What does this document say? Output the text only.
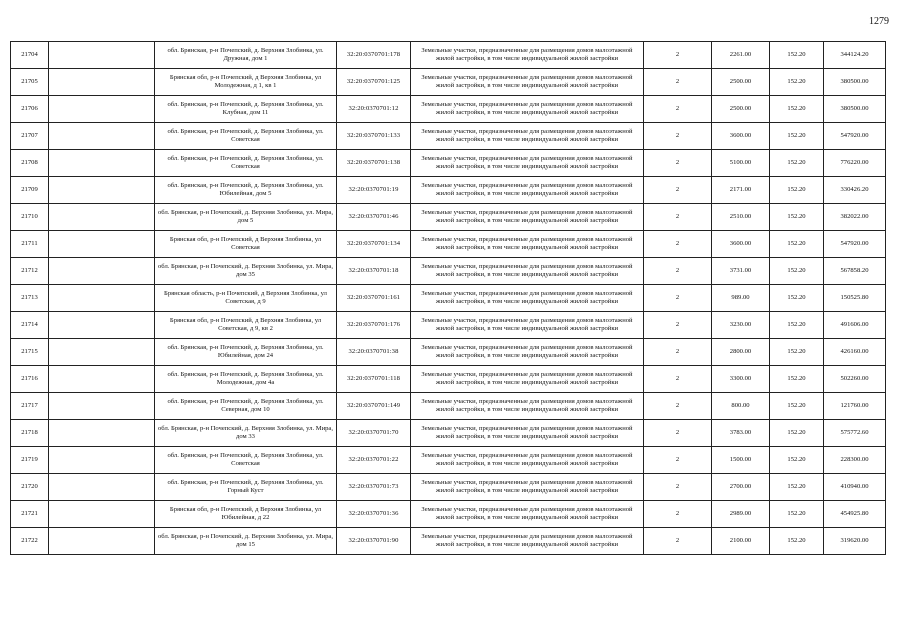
1279
21704		обл. Брянская, р-н Почепский, д. Верхняя Злобинка, ул. Дружная, дом 1	32:20:0370701:178	Земельные участки, предназначенные для размещения домов малоэтажной жилой застройки, в том числе индивидуальной жилой застройки	2	2261.00	152.20	344124.20
21705		Брянская обл, р-н Почепский, д Верхняя Злобинка, ул Молодежная, д 1, кв 1	32:20:0370701:125	Земельные участки, предназначенные для размещения домов малоэтажной жилой застройки, в том числе индивидуальной жилой застройки	2	2500.00	152.20	380500.00
21706		обл. Брянская, р-н Почепский, д. Верхняя Злобинка, ул. Клубная, дом 11	32:20:0370701:12	Земельные участки, предназначенные для размещения домов малоэтажной жилой застройки, в том числе индивидуальной жилой застройки	2	2500.00	152.20	380500.00
21707		обл. Брянская, р-н Почепский, д. Верхняя Злобинка, ул. Советская	32:20:0370701:133	Земельные участки, предназначенные для размещения домов малоэтажной жилой застройки, в том числе индивидуальной жилой застройки	2	3600.00	152.20	547920.00
21708		обл. Брянская, р-н Почепский, д. Верхняя Злобинка, ул. Советская	32:20:0370701:138	Земельные участки, предназначенные для размещения домов малоэтажной жилой застройки, в том числе индивидуальной жилой застройки	2	5100.00	152.20	776220.00
21709		обл. Брянская, р-н Почепский, д. Верхняя Злобинка, ул. Юбилейная, дом 5	32:20:0370701:19	Земельные участки, предназначенные для размещения домов малоэтажной жилой застройки, в том числе индивидуальной жилой застройки	2	2171.00	152.20	330426.20
21710		обл. Брянская, р-н Почепский, д. Верхняя Злобинка, ул. Мира, дом 5	32:20:0370701:46	Земельные участки, предназначенные для размещения домов малоэтажной жилой застройки, в том числе индивидуальной жилой застройки	2	2510.00	152.20	382022.00
21711		Брянская обл, р-н Почепский, д Верхняя Злобинка, ул Советская	32:20:0370701:134	Земельные участки, предназначенные для размещения домов малоэтажной жилой застройки, в том числе индивидуальной жилой застройки	2	3600.00	152.20	547920.00
21712		обл. Брянская, р-н Почепский, д. Верхняя Злобинка, ул. Мира, дом 35	32:20:0370701:18	Земельные участки, предназначенные для размещения домов малоэтажной жилой застройки, в том числе индивидуальной жилой застройки	2	3731.00	152.20	567858.20
21713		Брянская область, р-н Почепский, д Верхняя Злобинка, ул Советская, д 9	32:20:0370701:161	Земельные участки, предназначенные для размещения домов малоэтажной жилой застройки, в том числе индивидуальной жилой застройки	2	989.00	152.20	150525.80
21714		Брянская обл, р-н Почепский, д Верхняя Злобинка, ул Советская, д 9, кв 2	32:20:0370701:176	Земельные участки, предназначенные для размещения домов малоэтажной жилой застройки, в том числе индивидуальной жилой застройки	2	3230.00	152.20	491606.00
21715		обл. Брянская, р-н Почепский, д. Верхняя Злобинка, ул. Юбилейная, дом 24	32:20:0370701:38	Земельные участки, предназначенные для размещения домов малоэтажной жилой застройки, в том числе индивидуальной жилой застройки	2	2800.00	152.20	426160.00
21716		обл. Брянская, р-н Почепский, д. Верхняя Злобинка, ул. Молодежная, дом 4а	32:20:0370701:118	Земельные участки, предназначенные для размещения домов малоэтажной жилой застройки, в том числе индивидуальной жилой застройки	2	3300.00	152.20	502260.00
21717		обл. Брянская, р-н Почепский, д. Верхняя Злобинка, ул. Северная, дом 10	32:20:0370701:149	Земельные участки, предназначенные для размещения домов малоэтажной жилой застройки, в том числе индивидуальной жилой застройки	2	800.00	152.20	121760.00
21718		обл. Брянская, р-н Почепский, д. Верхняя Злобинка, ул. Мира, дом 33	32:20:0370701:70	Земельные участки, предназначенные для размещения домов малоэтажной жилой застройки, в том числе индивидуальной жилой застройки	2	3783.00	152.20	575772.60
21719		обл. Брянская, р-н Почепский, д. Верхняя Злобинка, ул. Советская	32:20:0370701:22	Земельные участки, предназначенные для размещения домов малоэтажной жилой застройки, в том числе индивидуальной жилой застройки	2	1500.00	152.20	228300.00
21720		обл. Брянская, р-н Почепский, д. Верхняя Злобинка, ул. Горный Куст	32:20:0370701:73	Земельные участки, предназначенные для размещения домов малоэтажной жилой застройки, в том числе индивидуальной жилой застройки	2	2700.00	152.20	410940.00
21721		Брянская обл, р-н Почепский, д Верхняя Злобинка, ул Юбилейная, д 22	32:20:0370701:36	Земельные участки, предназначенные для размещения домов малоэтажной жилой застройки, в том числе индивидуальной жилой застройки	2	2989.00	152.20	454925.80
21722		обл. Брянская, р-н Почепский, д. Верхняя Злобинка, ул. Мира, дом 15	32:20:0370701:90	Земельные участки, предназначенные для размещения домов малоэтажной жилой застройки, в том числе индивидуальной жилой застройки	2	2100.00	152.20	319620.00
